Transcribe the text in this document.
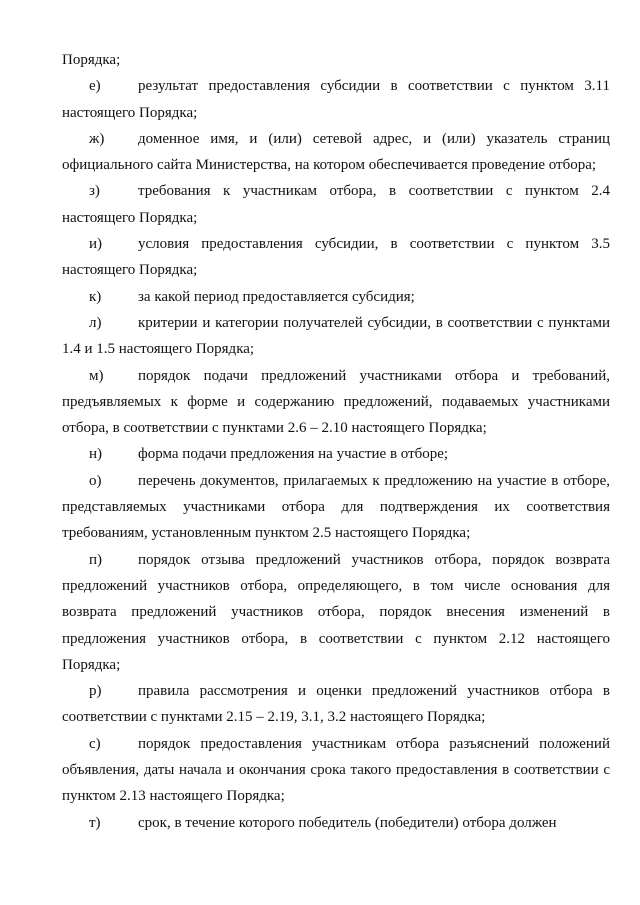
Порядка;
е) результат предоставления субсидии в соответствии с пунктом 3.11
настоящего Порядка;
ж) доменное имя, и (или) сетевой адрес, и (или) указатель страниц
официального сайта Министерства, на котором обеспечивается проведение отбора;
з)	требования к участникам отбора, в соответствии с пунктом 2.4
настоящего Порядка;
и) условия предоставления субсидии, в соответствии с пунктом 3.5
настоящего Порядка;
к) за какой период предоставляется субсидия;
л) критерии и категории получателей субсидии, в соответствии с пунктами
1.4 и 1.5 настоящего Порядка;
м) порядок подачи предложений участниками отбора и требований,
предъявляемых к форме и содержанию предложений, подаваемых участниками
отбора, в соответствии с пунктами 2.6 – 2.10 настоящего Порядка;
н) форма подачи предложения на участие в отборе;
о) перечень документов, прилагаемых к предложению на участие в отборе,
представляемых участниками отбора для подтверждения их соответствия
требованиям, установленным пунктом 2.5 настоящего Порядка;
п) порядок отзыва предложений участников отбора, порядок возврата
предложений участников отбора, определяющего, в том числе основания для
возврата предложений участников отбора, порядок внесения изменений в
предложения участников отбора, в соответствии с пунктом 2.12 настоящего
Порядка;
р) правила рассмотрения и оценки предложений участников отбора в
соответствии с пунктами 2.15 – 2.19, 3.1, 3.2 настоящего Порядка;
с) порядок предоставления участникам отбора разъяснений положений
объявления, даты начала и окончания срока такого предоставления в соответствии с
пунктом 2.13 настоящего Порядка;
т) срок, в течение которого победитель (победители) отбора должен
